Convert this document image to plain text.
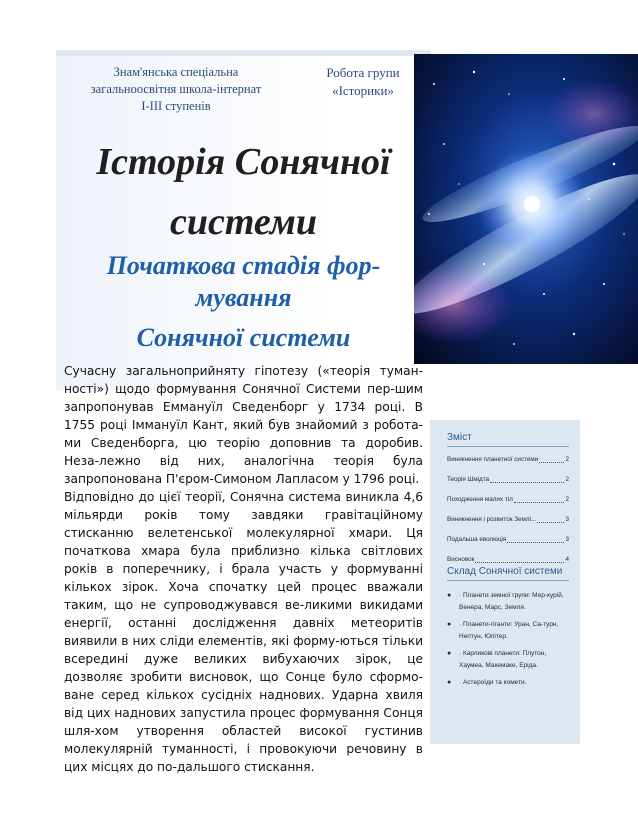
Знам'янська спеціальна
загальноосвітня школа-інтернат
І-ІІІ ступенів
Робота групи
«Історики»
Історія Сонячної
системи
Початкова стадія фор-
мування
Сонячної системи

Сучасну загальноприйняту гіпотезу («теорія туман-ності») щодо формування Сонячної Системи пер-шим запропонував Еммануїл Сведенборг у 1734 році. В 1755 році Іммануїл Кант, який був знайомий з робота-ми Сведенборга, цю теорію доповнив та доробив. Неза-лежно від них, аналогічна теорія була запропонована П'єром-Симоном Лапласом у 1796 році.

Відповідно до цієї теорії, Сонячна система виникла 4,6 мільярди років тому завдяки гравітаційному стисканню велетенської молекулярної хмари. Ця початкова хмара була приблизно кілька світлових років в поперечнику, і брала участь у формуванні кількох зірок. Хоча спочатку цей процес вважали таким, що не супроводжувався ве-ликими викидами енергії, останні дослідження давніх метеоритів виявили в них сліди елементів, які форму-ються тільки всередині дуже великих вибухаючих зірок, це дозволяє зробити висновок, що Сонце було сформо-ване серед кількох сусідніх наднових. Ударна хвиля від цих наднових запустила процес формування Сонця шля-хом утворення областей високої густинив молекулярній туманності, і провокуючи речовину в цих місцях до по-дальшого стискання.

Зміст
Виникнення планетної системи	2
Теорія Шмідта	2
Походження малих тіл	2
Виникнення і розвиток Землі...	3
Подальша еволюція	3
Висновок	4
Склад Сонячної системи
●	· Планети земної групи: Мер-курій, Венера, Марс, Земля.
●	· Планети-гіганти: Уран, Са-турн, Нептун, Юпітер.
●	· Карликові планети: Плутон, Хаумеа, Макемаке, Еріда.
●	· Астероїди та комети.
